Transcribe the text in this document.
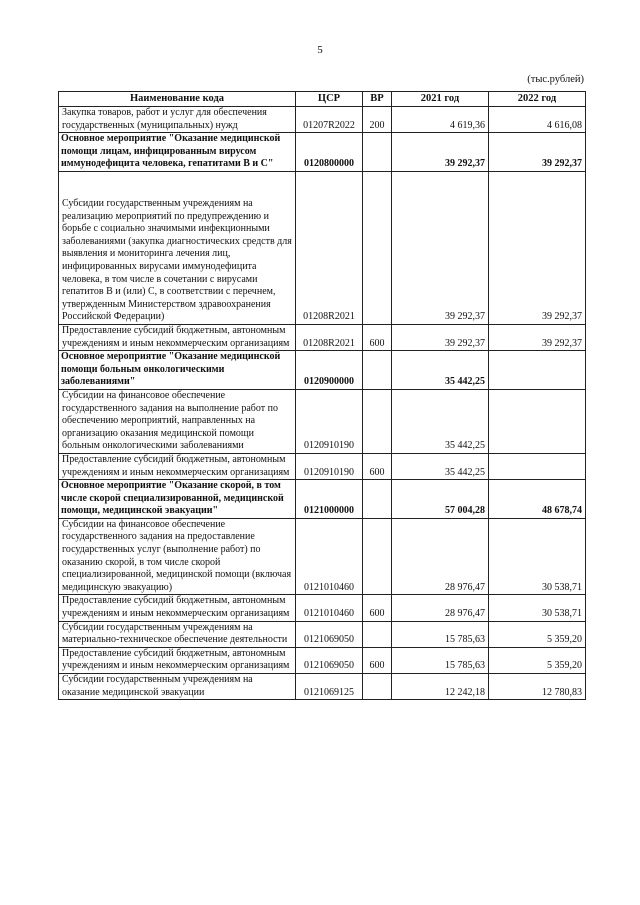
5
(тыс.рублей)
Наименование кода	ЦСР	ВР	2021 год	2022 год
Закупка товаров, работ и услуг для обеспечения государственных (муниципальных) нужд	01207R2022	200	4 619,36	4 616,08
Основное мероприятие "Оказание медицинской помощи лицам, инфицированным вирусом иммунодефицита человека, гепатитами В и С"	0120800000		39 292,37	39 292,37
Субсидии государственным учреждениям на реализацию мероприятий по предупреждению и борьбе с социально значимыми инфекционными заболеваниями (закупка диагностических средств для выявления и мониторинга лечения лиц, инфицированных вирусами иммунодефицита человека, в том числе в сочетании с вирусами гепатитов В и (или) С, в соответствии с перечнем, утвержденным Министерством здравоохранения Российской Федерации)	01208R2021		39 292,37	39 292,37
Предоставление субсидий бюджетным, автономным учреждениям и иным некоммерческим организациям	01208R2021	600	39 292,37	39 292,37
Основное мероприятие "Оказание медицинской помощи больным онкологическими заболеваниями"	0120900000		35 442,25	
Субсидии на финансовое обеспечение государственного задания на выполнение работ по обеспечению мероприятий, направленных на организацию оказания медицинской помощи больным онкологическими заболеваниями	0120910190		35 442,25	
Предоставление субсидий бюджетным, автономным учреждениям и иным некоммерческим организациям	0120910190	600	35 442,25	
Основное мероприятие "Оказание скорой, в том числе скорой специализированной, медицинской помощи, медицинской эвакуации"	0121000000		57 004,28	48 678,74
Субсидии на финансовое обеспечение государственного задания на предоставление государственных услуг (выполнение работ) по оказанию скорой, в том числе скорой специализированной, медицинской помощи (включая медицинскую эвакуацию)	0121010460		28 976,47	30 538,71
Предоставление субсидий бюджетным, автономным учреждениям и иным некоммерческим организациям	0121010460	600	28 976,47	30 538,71
Субсидии государственным учреждениям на материально-техническое обеспечение деятельности	0121069050		15 785,63	5 359,20
Предоставление субсидий бюджетным, автономным учреждениям и иным некоммерческим организациям	0121069050	600	15 785,63	5 359,20
Субсидии государственным учреждениям на оказание медицинской эвакуации	0121069125		12 242,18	12 780,83
